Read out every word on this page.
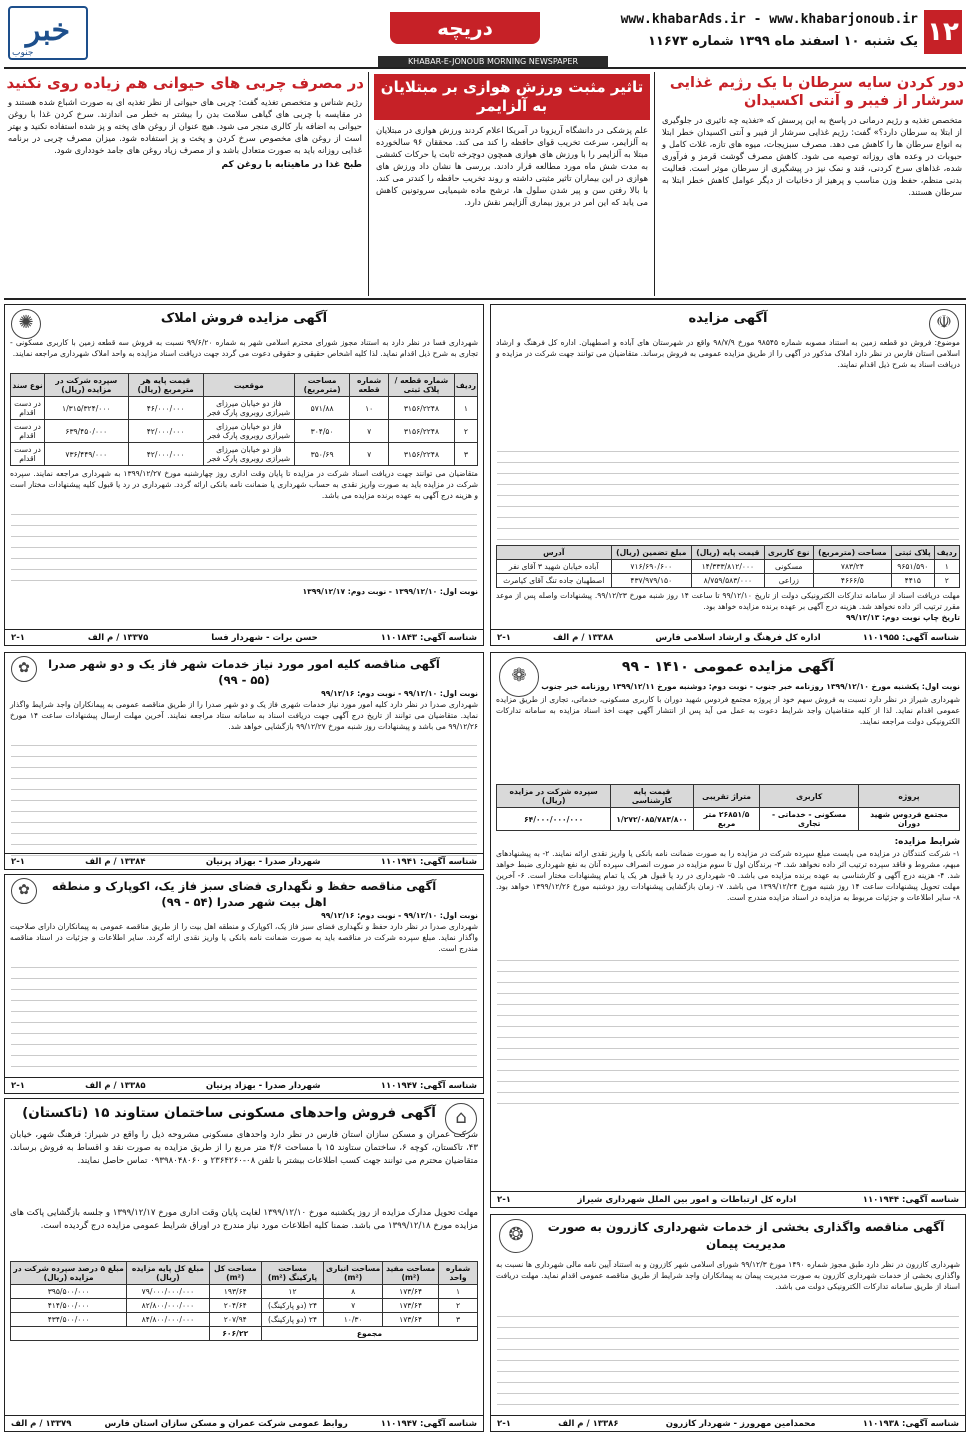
۱۲
www.khabarAds.ir - www.khabarjonoub.ir
یک شنبه ۱۰ اسفند ماه ۱۳۹۹ شماره ۱۱۶۷۳
دریچه
خبر
جنوب
KHABAR-E-JONOUB MORNING NEWSPAPER
دور کردن سایه سرطان با یک رژیم غذایی سرشار از فیبر و آنتی اکسیدان
متخصص تغذیه و رژیم درمانی در پاسخ به این پرسش که «تغذیه چه تاثیری در جلوگیری از ابتلا به سرطان دارد؟» گفت: رژیم غذایی سرشار از فیبر و آنتی اکسیدان خطر ابتلا به انواع سرطان ها را کاهش می دهد. مصرف سبزیجات، میوه های تازه، غلات کامل و حبوبات در وعده های روزانه توصیه می شود. کاهش مصرف گوشت قرمز و فرآوری شده، غذاهای سرخ کردنی، قند و نمک نیز در پیشگیری از سرطان موثر است. فعالیت بدنی منظم، حفظ وزن مناسب و پرهیز از دخانیات از دیگر عوامل کاهش خطر ابتلا به سرطان هستند.
تاثیر مثبت ورزش هوازی بر مبتلایان به آلزایمر
علم پزشکی در دانشگاه آریزونا در آمریکا اعلام کردند ورزش هوازی در مبتلایان به آلزایمر، سرعت تخریب قوای حافظه را کند می کند. محققان ۹۶ سالخورده مبتلا به آلزایمر را با ورزش های هوازی همچون دوچرخه ثابت یا حرکات کششی به مدت شش ماه مورد مطالعه قرار دادند. بررسی ها نشان داد ورزش های هوازی در این بیماران تاثیر مثبتی داشته و روند تخریب حافظه را کندتر می کند. با بالا رفتن سن و پیر شدن سلول ها، ترشح ماده شیمیایی سروتونین کاهش می یابد که این امر در بروز بیماری آلزایمر نقش دارد.
در مصرف چربی های حیوانی هم زیاده روی نکنید
رژیم شناس و متخصص تغذیه گفت: چربی های حیوانی از نظر تغذیه ای به صورت اشباع شده هستند و در مقایسه با چربی های گیاهی سلامت بدن را بیشتر به خطر می اندازند. سرخ کردن غذا با روغن حیوانی به اضافه بار کالری منجر می شود. هیچ عنوان از روغن های پخته و پز شده استفاده نکنید و بهتر است از روغن های مخصوص سرخ کردن و پخت و پز استفاده شود. میزان مصرف چربی در برنامه غذایی روزانه باید به صورت متعادل باشد و از مصرف زیاد روغن های جامد خودداری شود.
طبخ غذا در ماهیتابه با روغن کم
☫
آگهی مزایده
موضوع: فروش دو قطعه زمین به استناد مصوبه شماره ۹۸۵۴۵ مورخ ۹۸/۷/۹ واقع در شهرستان های آباده و اصطهبان. اداره کل فرهنگ و ارشاد اسلامی استان فارس در نظر دارد املاک مذکور در آگهی را از طریق مزایده عمومی به فروش برساند. متقاضیان می توانند جهت شرکت در مزایده و دریافت اسناد به شرح ذیل اقدام نمایند.
ردیف	پلاک ثبتی	مساحت (مترمربع)	نوع کاربری	قیمت پایه (ریال)	مبلغ تضمین (ریال)	آدرس
۱	۹۶۵۱/۵۹۰	۷۸۳/۲۴	مسکونی	۱۴/۳۳۳/۸۱۲/۰۰۰	۷۱۶/۶۹۰/۶۰۰	آباده خیابان شهید ۳ آقای نفر
۲	۴۴۱۵	۴۶۶۶/۵	زراعی	۸/۷۵۹/۵۸۳/۰۰۰	۴۳۷/۹۷۹/۱۵۰	اصطهبان جاده تنگ آقای کیامرث
مهلت دریافت اسناد از سامانه تدارکات الکترونیکی دولت از تاریخ ۹۹/۱۲/۱۰ تا ساعت ۱۴ روز شنبه مورخ ۹۹/۱۲/۲۳. پیشنهادات واصله پس از موعد مقرر ترتیب اثر داده نخواهد شد. هزینه درج آگهی بر عهده برنده مزایده خواهد بود.
تاریخ چاپ نوبت دوم: ۹۹/۱۲/۱۳
شناسه آگهی: ۱۱۰۱۹۵۵
اداره کل فرهنگ و ارشاد اسلامی فارس
۱۳۳۸۸ / م الف
۲-۱
✺	آگهی مزایده فروش املاک
شهرداری فسا در نظر دارد به استناد مجوز شورای محترم اسلامی شهر به شماره ۹۹/۶/۲۰ نسبت به فروش سه قطعه زمین با کاربری مسکونی - تجاری به شرح ذیل اقدام نماید. لذا کلیه اشخاص حقیقی و حقوقی دعوت می گردد جهت دریافت اسناد مزایده به واحد املاک شهرداری مراجعه نمایند.
ردیف	شماره قطعه / پلاک ثبتی	شماره قطعه	مساحت (مترمربع)	موقعیت	قیمت پایه هر مترمربع (ریال)	سپرده شرکت در مزایده (ریال)	نوع سند
۱	۳۱۵۶/۲۲۴۸	۱۰	۵۷۱/۸۸	فاز دو خیابان میرزای شیرازی روبروی پارک فجر	۴۶/۰۰۰/۰۰۰	۱/۳۱۵/۳۲۴/۰۰۰	در دست اقدام
۲	۳۱۵۶/۲۲۴۸	۷	۳۰۴/۵۰	فاز دو خیابان میرزای شیرازی روبروی پارک فجر	۴۲/۰۰۰/۰۰۰	۶۳۹/۴۵۰/۰۰۰	در دست اقدام
۳	۳۱۵۶/۲۲۴۸	۷	۳۵۰/۶۹	فاز دو خیابان میرزای شیرازی روبروی پارک فجر	۴۲/۰۰۰/۰۰۰	۷۳۶/۴۴۹/۰۰۰	در دست اقدام
متقاضیان می توانند جهت دریافت اسناد شرکت در مزایده تا پایان وقت اداری روز چهارشنبه مورخ ۱۳۹۹/۱۲/۲۷ به شهرداری مراجعه نمایند. سپرده شرکت در مزایده باید به صورت واریز نقدی به حساب شهرداری یا ضمانت نامه بانکی ارائه گردد. شهرداری در رد یا قبول کلیه پیشنهادات مختار است و هزینه درج آگهی به عهده برنده مزایده می باشد.
نوبت اول: ۱۳۹۹/۱۲/۱۰ - نوبت دوم: ۱۳۹۹/۱۲/۱۷
شناسه آگهی: ۱۱۰۱۸۴۳
حسن برات - شهردار فسا
۱۳۳۷۵ / م الف
۲-۱
❁	آگهی مزایده عمومی ۱۴۱۰ - ۹۹
نوبت اول: یکشنبه مورخ ۱۳۹۹/۱۲/۱۰ روزنامه خبر جنوب - نوبت دوم: دوشنبه مورخ ۱۳۹۹/۱۲/۱۱ روزنامه خبر جنوب
شهرداری شیراز در نظر دارد نسبت به فروش سهم خود از پروژه مجتمع فردوس شهید دوران با کاربری مسکونی، خدماتی، تجاری از طریق مزایده عمومی اقدام نماید. لذا از کلیه متقاضیان واجد شرایط دعوت به عمل می آید پس از انتشار آگهی جهت اخذ اسناد مزایده به سامانه تدارکات الکترونیکی دولت مراجعه نمایند.
پروژه	کاربری	متراژ تقریبی	قیمت پایه کارشناسی	سپرده شرکت در مزایده (ریال)
مجتمع فردوس شهید دوران	مسکونی - خدماتی - تجاری	۲۶۸۵۱/۵ متر مربع	۱/۲۷۲/۰۸۵/۷۸۳/۸۰۰	۶۴/۰۰۰/۰۰۰/۰۰۰
شرایط مزایده:
۱- شرکت کنندگان در مزایده می بایست مبلغ سپرده شرکت در مزایده را به صورت ضمانت نامه بانکی یا واریز نقدی ارائه نمایند. ۲- به پیشنهادهای مبهم، مشروط و فاقد سپرده ترتیب اثر داده نخواهد شد. ۳- برندگان اول تا سوم مزایده در صورت انصراف سپرده آنان به نفع شهرداری ضبط خواهد شد. ۴- هزینه درج آگهی و کارشناسی به عهده برنده مزایده می باشد. ۵- شهرداری در رد یا قبول هر یک یا تمام پیشنهادات مختار است. ۶- آخرین مهلت تحویل پیشنهادات ساعت ۱۴ روز شنبه مورخ ۱۳۹۹/۱۲/۲۴ می باشد. ۷- زمان بازگشایی پیشنهادات روز دوشنبه مورخ ۱۳۹۹/۱۲/۲۶ خواهد بود. ۸- سایر اطلاعات و جزئیات مربوط به مزایده در اسناد مزایده مندرج است.
شناسه آگهی: ۱۱۰۱۹۴۴
اداره کل ارتباطات و امور بین الملل شهرداری شیراز
۲-۱
✿	آگهی مناقصه کلیه امور مورد نیاز خدمات شهر فاز یک و دو شهر صدرا (۵۵ - ۹۹)
نوبت اول: ۹۹/۱۲/۱۰ - نوبت دوم: ۹۹/۱۲/۱۶
شهرداری صدرا در نظر دارد کلیه امور مورد نیاز خدمات شهری فاز یک و دو شهر صدرا را از طریق مناقصه عمومی به پیمانکاران واجد شرایط واگذار نماید. متقاضیان می توانند از تاریخ درج آگهی جهت دریافت اسناد به سامانه ستاد مراجعه نمایند. آخرین مهلت ارسال پیشنهادات ساعت ۱۴ مورخ ۹۹/۱۲/۲۶ می باشد و پیشنهادات روز شنبه مورخ ۹۹/۱۲/۲۷ بازگشایی خواهد شد.
شناسه آگهی: ۱۱۰۱۹۴۱
شهردار صدرا - بهزاد پرنیان
۱۳۳۸۴ / م الف
۲-۱
✿	آگهی مناقصه حفظ و نگهداری فضای سبز فاز یک، اکوپارک و منطقه اهل بیت شهر صدرا (۵۴ - ۹۹)
نوبت اول: ۹۹/۱۲/۱۰ - نوبت دوم: ۹۹/۱۲/۱۶
شهرداری صدرا در نظر دارد حفظ و نگهداری فضای سبز فاز یک، اکوپارک و منطقه اهل بیت را از طریق مناقصه عمومی به پیمانکاران دارای صلاحیت واگذار نماید. مبلغ سپرده شرکت در مناقصه باید به صورت ضمانت نامه بانکی یا واریز نقدی ارائه گردد. سایر اطلاعات و جزئیات در اسناد مناقصه مندرج است.
شناسه آگهی: ۱۱۰۱۹۴۷
شهردار صدرا - بهزاد پرنیان
۱۳۳۸۵ / م الف
۲-۱
⌂
آگهی فروش واحدهای مسکونی ساختمان ستاوند ۱۵ (تاکستان)
شرکت عمران و مسکن سازان استان فارس در نظر دارد واحدهای مسکونی مشروحه ذیل را واقع در شیراز: فرهنگ شهر، خیابان ۴۳، تاکستان، کوچه ۶، ساختمان ستاوند ۱۵ با مساحت ۴/۶ متر مربع را از طریق مزایده به صورت نقد و اقساط به فروش برساند. متقاضیان محترم می توانند جهت کسب اطلاعات بیشتر با تلفن ۰۸-۲۳۶۴۲۶۰ و ۰۹۳۹۸۰۴۸۰۶۰ تماس حاصل نمایند.
مهلت تحویل مدارک مزایده از روز یکشنبه مورخ ۱۳۹۹/۱۲/۱۰ لغایت پایان وقت اداری مورخ ۱۳۹۹/۱۲/۱۷ و جلسه بازگشایی پاکت های مزایده مورخ ۱۳۹۹/۱۲/۱۸ می باشد. ضمنا کلیه اطلاعات مورد نیاز مندرج در اوراق شرایط عمومی مزایده درج گردیده است.
شماره واحد	مساحت مفید (m²)	مساحت انباری (m²)	مساحت پارکینگ (m²)	مساحت کل (m²)	مبلغ کل پایه مزایده (ریال)	مبلغ ۵ درصد سپرده شرکت در مزایده (ریال)
۱	۱۷۳/۶۴	۸	۱۲	۱۹۳/۶۴	۷۹/۰۰۰/۰۰۰/۰۰۰	۳۹۵/۵۰۰/۰۰۰
۲	۱۷۳/۶۴	۷	۲۴ (دو پارکینگ)	۲۰۴/۶۴	۸۲/۸۰۰/۰۰۰/۰۰۰	۴۱۴/۵۰۰/۰۰۰
۳	۱۷۳/۶۴	۱۰/۳۰	۲۴ (دو پارکینگ)	۲۰۷/۹۴	۸۴/۸۰۰/۰۰۰/۰۰۰	۴۳۴/۵۰۰/۰۰۰
مجموع				۶۰۶/۲۲		
شناسه آگهی: ۱۱۰۱۹۴۷
روابط عمومی شرکت عمران و مسکن سازان استان فارس
۱۳۳۷۹ / م الف
❂	آگهی مناقصه واگذاری بخشی از خدمات شهرداری کازرون به صورت مدیریت پیمان
شهرداری کازرون در نظر دارد طبق مجوز شماره ۱۴۹۰ مورخ ۹۹/۱۲/۳ شورای اسلامی شهر کازرون و به استناد آیین نامه مالی شهرداری ها نسبت به واگذاری بخشی از خدمات شهرداری کازرون به صورت مدیریت پیمان به پیمانکاران واجد شرایط از طریق مناقصه عمومی اقدام نماید. مهلت دریافت اسناد از طریق سامانه تدارکات الکترونیکی دولت می باشد.
شناسه آگهی: ۱۱۰۱۹۳۸
محمدامین مهرورز - شهردار کازرون
۱۳۳۸۶ / م الف
۲-۱
